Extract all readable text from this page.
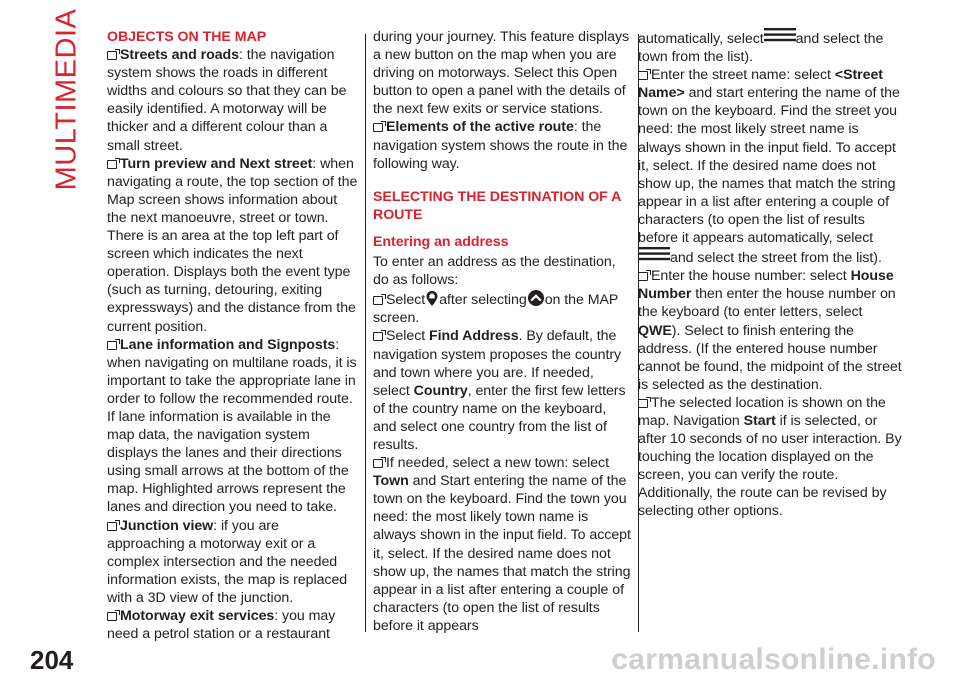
MULTIMEDIA OBJECTS ON THE MAP

Streets and roads: the navigation system shows the roads in different widths and colours so that they can be easily identified. A motorway will be thicker and a different colour than a small street.

Turn preview and Next street: when navigating a route, the top section of the Map screen shows information about the next manoeuvre, street or town. There is an area at the top left part of screen which indicates the next operation. Displays both the event type (such as turning, detouring, exiting expressways) and the distance from the current position.

Lane information and Signposts: when navigating on multilane roads, it is important to take the appropriate lane in order to follow the recommended route. If lane information is available in the map data, the navigation system displays the lanes and their directions using small arrows at the bottom of the map. Highlighted arrows represent the lanes and direction you need to take.

Junction view: if you are approaching a motorway exit or a complex intersection and the needed information exists, the map is replaced with a 3D view of the junction.

Motorway exit services: you may need a petrol station or a restaurant

during your journey. This feature displays a new button on the map when you are driving on motorways. Select this Open button to open a panel with the details of the next few exits or service stations.

Elements of the active route: the navigation system shows the route in the following way.

SELECTING THE DESTINATION OF A ROUTE

Entering an address

To enter an address as the destination, do as follows:

Select after selecting on the MAP screen.

Select Find Address. By default, the navigation system proposes the country and town where you are. If needed, select Country, enter the first few letters of the country name on the keyboard, and select one country from the list of results.

If needed, select a new town: select Town and Start entering the name of the town on the keyboard. Find the town you need: the most likely town name is always shown in the input field. To accept it, select. If the desired name does not show up, the names that match the string appear in a list after entering a couple of characters (to open the list of results before it appears

automatically, select and select the town from the list).

Enter the street name: select <Street Name> and start entering the name of the town on the keyboard. Find the street you need: the most likely street name is always shown in the input field. To accept it, select. If the desired name does not show up, the names that match the string appear in a list after entering a couple of characters (to open the list of results before it appears automatically, selectand select the street from the list).

Enter the house number: select House Number then enter the house number on the keyboard (to enter letters, select QWE). Select to finish entering the address. (If the entered house number cannot be found, the midpoint of the street is selected as the destination.

The selected location is shown on the map. Navigation Start if is selected, or after 10 seconds of no user interaction. By touching the location displayed on the screen, you can verify the route. Additionally, the route can be revised by selecting other options.

204	carmanualsonline.info
